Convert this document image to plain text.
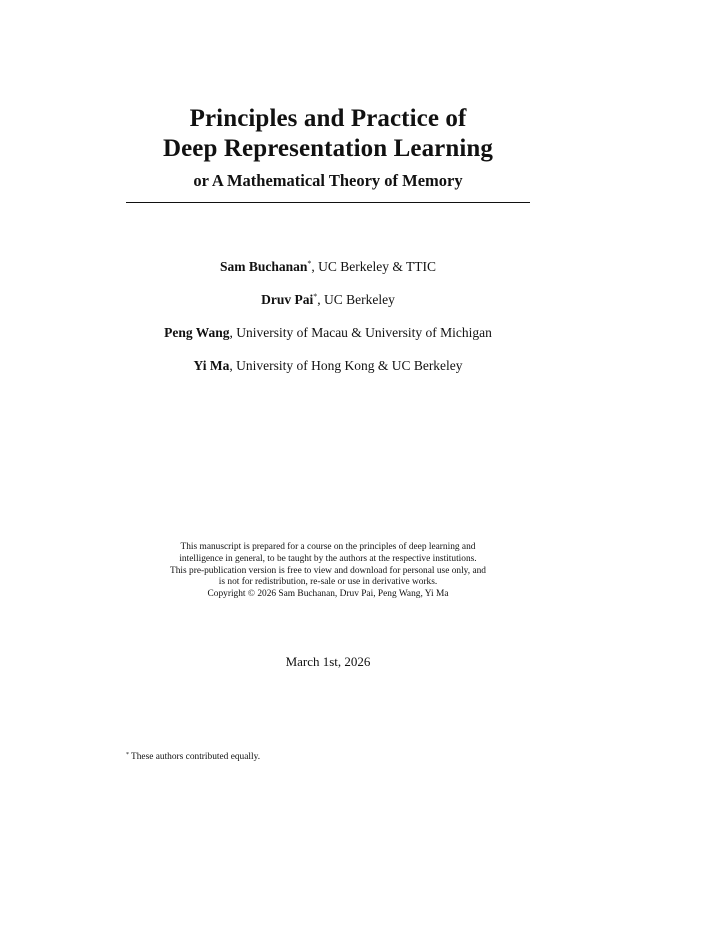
Principles and Practice of
Deep Representation Learning
or A Mathematical Theory of Memory
Sam Buchanan*, UC Berkeley & TTIC
Druv Pai*, UC Berkeley
Peng Wang, University of Macau & University of Michigan
Yi Ma, University of Hong Kong & UC Berkeley
This manuscript is prepared for a course on the principles of deep learning and
intelligence in general, to be taught by the authors at the respective institutions.
This pre-publication version is free to view and download for personal use only, and
is not for redistribution, re-sale or use in derivative works.
Copyright © 2026 Sam Buchanan, Druv Pai, Peng Wang, Yi Ma
March 1st, 2026
* These authors contributed equally.
